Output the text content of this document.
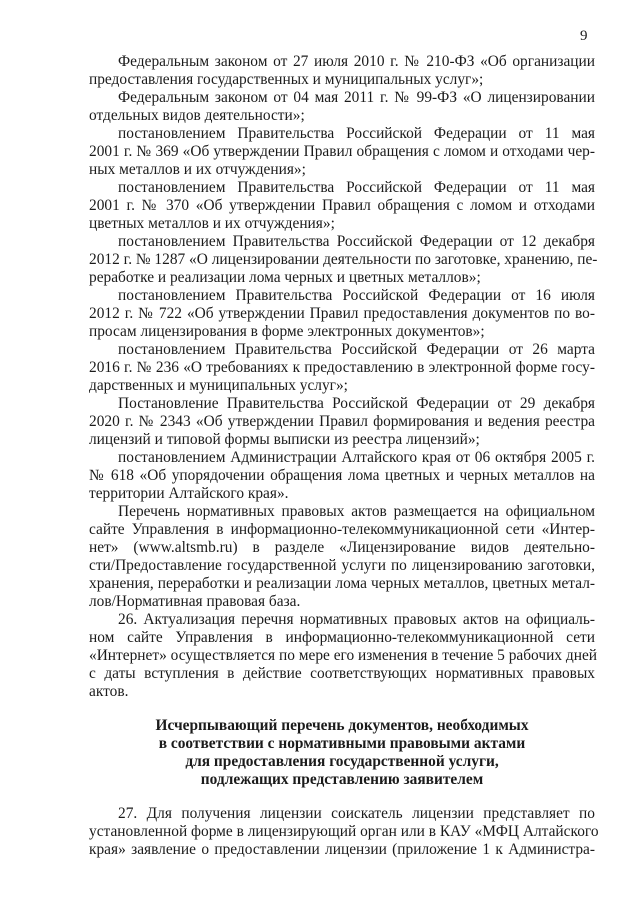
9
Федеральным законом от 27 июля 2010 г. № 210-ФЗ «Об организации
предоставления государственных и муниципальных услуг»;
Федеральным законом от 04 мая 2011 г. № 99-ФЗ «О лицензировании
отдельных видов деятельности»;
постановлением Правительства Российской Федерации от 11 мая
2001 г. № 369 «Об утверждении Правил обращения с ломом и отходами чер-
ных металлов и их отчуждения»;
постановлением Правительства Российской Федерации от 11 мая
2001 г. № 370 «Об утверждении Правил обращения с ломом и отходами
цветных металлов и их отчуждения»;
постановлением Правительства Российской Федерации от 12 декабря
2012 г. № 1287 «О лицензировании деятельности по заготовке, хранению, пе-
реработке и реализации лома черных и цветных металлов»;
постановлением Правительства Российской Федерации от 16 июля
2012 г. № 722 «Об утверждении Правил предоставления документов по во-
просам лицензирования в форме электронных документов»;
постановлением Правительства Российской Федерации от 26 марта
2016 г. № 236 «О требованиях к предоставлению в электронной форме госу-
дарственных и муниципальных услуг»;
Постановление Правительства Российской Федерации от 29 декабря
2020 г. № 2343 «Об утверждении Правил формирования и ведения реестра
лицензий и типовой формы выписки из реестра лицензий»;
постановлением Администрации Алтайского края от 06 октября 2005 г.
№ 618 «Об упорядочении обращения лома цветных и черных металлов на
территории Алтайского края».
Перечень нормативных правовых актов размещается на официальном
сайте Управления в информационно-телекоммуникационной сети «Интер-
нет» (www.altsmb.ru) в разделе «Лицензирование видов деятельно-
сти/Предоставление государственной услуги по лицензированию заготовки,
хранения, переработки и реализации лома черных металлов, цветных метал-
лов/Нормативная правовая база.
26. Актуализация перечня нормативных правовых актов на официаль-
ном сайте Управления в информационно-телекоммуникационной сети
«Интернет» осуществляется по мере его изменения в течение 5 рабочих дней
с даты вступления в действие соответствующих нормативных правовых
актов.
Исчерпывающий перечень документов, необходимых
в соответствии с нормативными правовыми актами
для предоставления государственной услуги,
подлежащих представлению заявителем
27. Для получения лицензии соискатель лицензии представляет по
установленной форме в лицензирующий орган или в КАУ «МФЦ Алтайского
края» заявление о предоставлении лицензии (приложение 1 к Администра-
